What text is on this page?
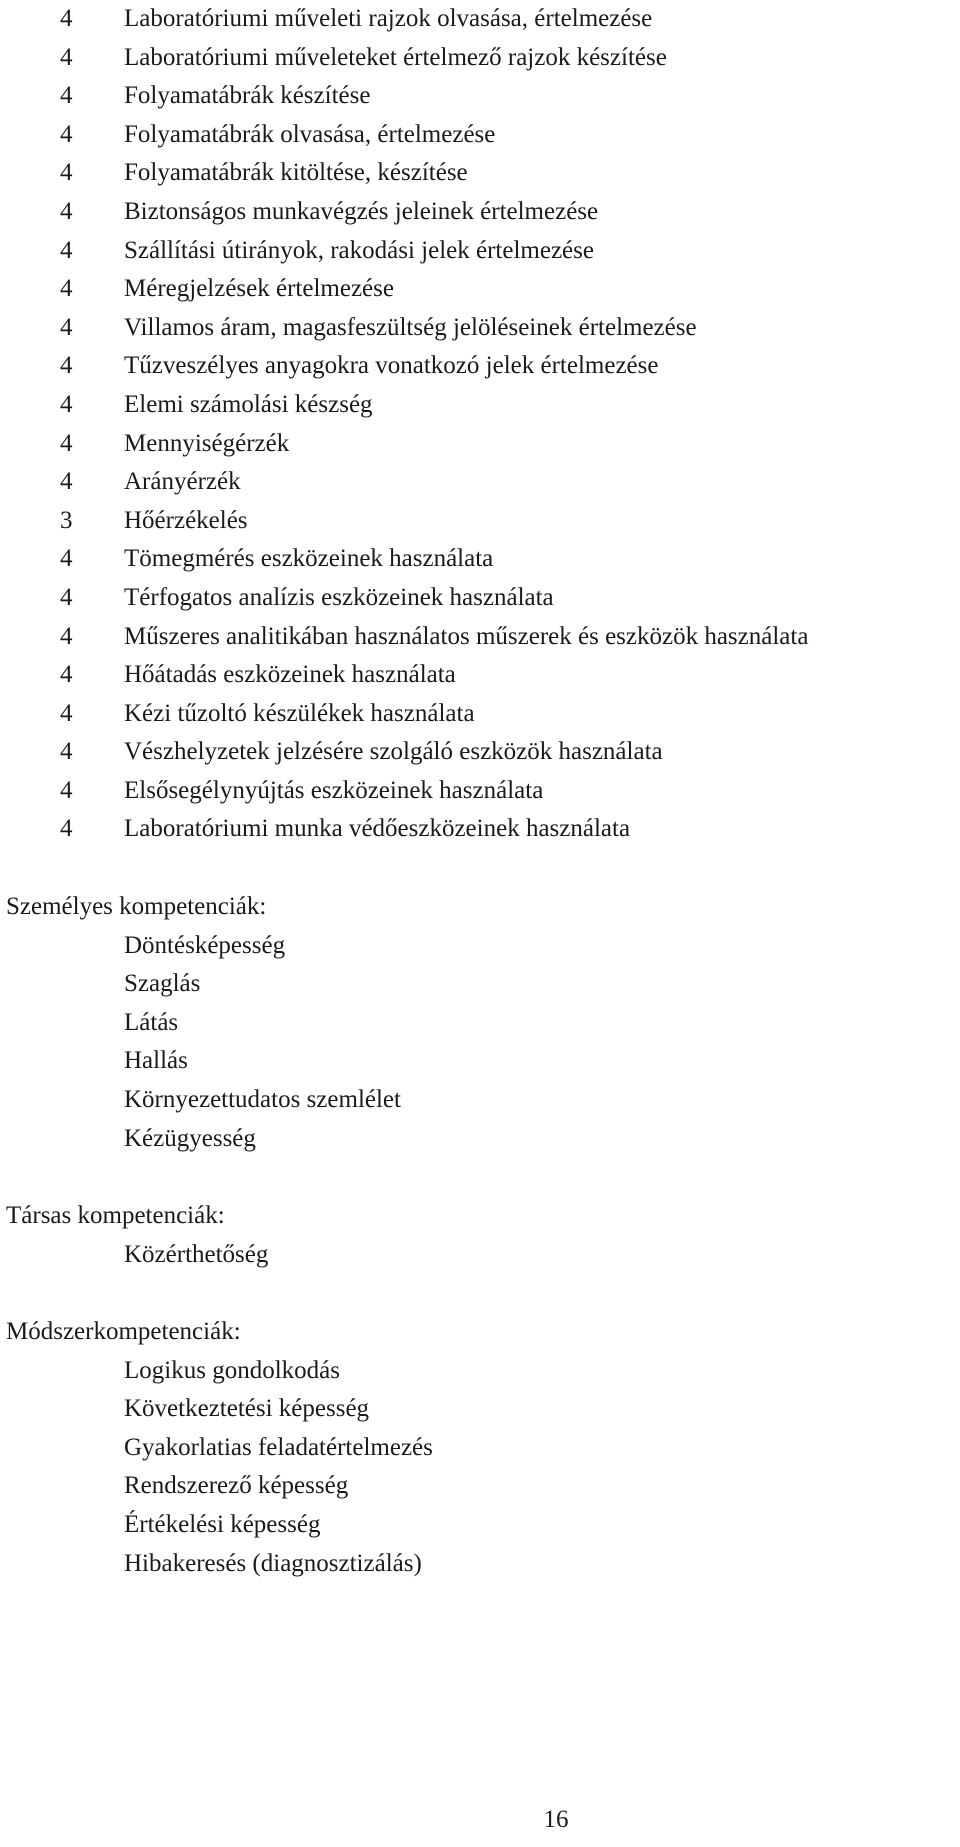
4 Laboratóriumi műveleti rajzok olvasása, értelmezése
4 Laboratóriumi műveleteket értelmező rajzok készítése
4 Folyamatábrák készítése
4 Folyamatábrák olvasása, értelmezése
4 Folyamatábrák kitöltése, készítése
4 Biztonságos munkavégzés jeleinek értelmezése
4 Szállítási útirányok, rakodási jelek értelmezése
4 Méregjelzések értelmezése
4 Villamos áram, magasfeszültség jelöléseinek értelmezése
4 Tűzveszélyes anyagokra vonatkozó jelek értelmezése
4 Elemi számolási készség
4 Mennyiségérzék
4 Arányérzék
3 Hőérzékelés
4 Tömegmérés eszközeinek használata
4 Térfogatos analízis eszközeinek használata
4 Műszeres analitikában használatos műszerek és eszközök használata
4 Hőátadás eszközeinek használata
4 Kézi tűzoltó készülékek használata
4 Vészhelyzetek jelzésére szolgáló eszközök használata
4 Elsősegélynyújtás eszközeinek használata
4 Laboratóriumi munka védőeszközeinek használata
Személyes kompetenciák:
Döntésképesség
Szaglás
Látás
Hallás
Környezettudatos szemlélet
Kézügyesség
Társas kompetenciák:
Közérthetőség
Módszerkompetenciák:
Logikus gondolkodás
Következtetési képesség
Gyakorlatias feladatértelmezés
Rendszerező képesség
Értékelési képesség
Hibakeresés (diagnosztizálás)
16
